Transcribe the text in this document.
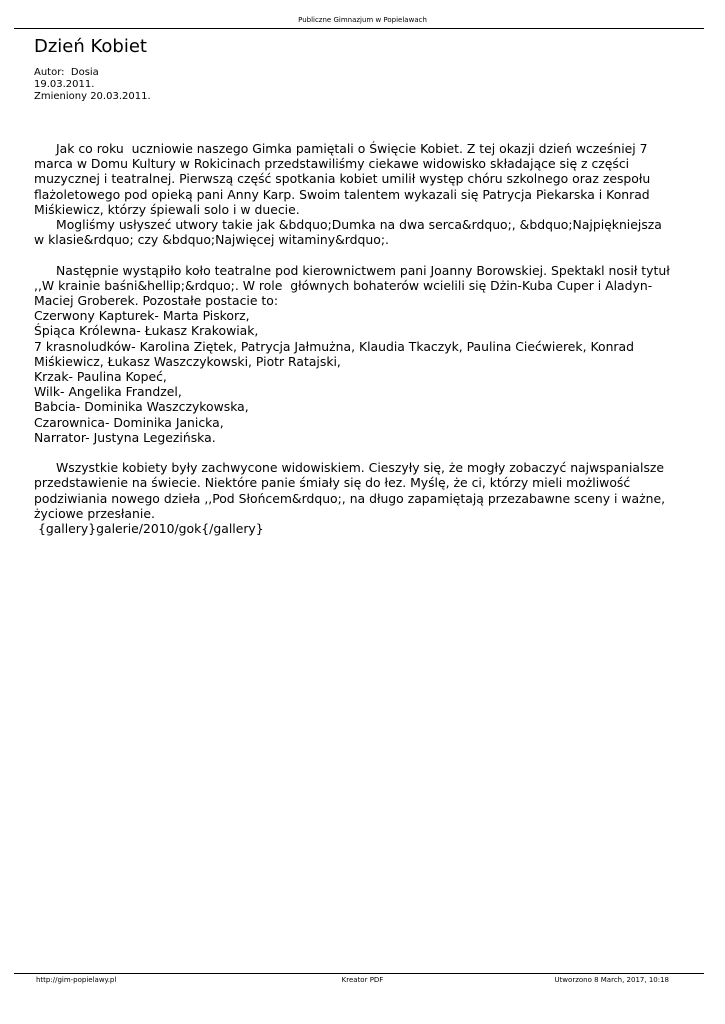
Publiczne Gimnazjum w Popielawach
Dzień Kobiet
Autor:  Dosia
19.03.2011.
Zmieniony 20.03.2011.

Jak co roku  uczniowie naszego Gimka pamiętali o Święcie Kobiet. Z tej okazji dzień wcześniej 7 marca w Domu Kultury w Rokicinach przedstawiliśmy ciekawe widowisko składające się z części muzycznej i teatralnej. Pierwszą część spotkania kobiet umilił występ chóru szkolnego oraz zespołu flażoletowego pod opieką pani Anny Karp. Swoim talentem wykazali się Patrycja Piekarska i Konrad Miśkiewicz, którzy śpiewali solo i w duecie.

Mogliśmy usłyszeć utwory takie jak &bdquo;Dumka na dwa serca&rdquo;, &bdquo;Najpiękniejsza w klasie&rdquo; czy &bdquo;Najwięcej witaminy&rdquo;.

Następnie wystąpiło koło teatralne pod kierownictwem pani Joanny Borowskiej. Spektakl nosił tytuł ,,W krainie baśni&hellip;&rdquo;. W role  głównych bohaterów wcielili się Dżin-Kuba Cuper i Aladyn- Maciej Groberek. Pozostałe postacie to:

Czerwony Kapturek- Marta Piskorz,

Śpiąca Królewna- Łukasz Krakowiak,

7 krasnoludków- Karolina Ziętek, Patrycja Jałmużna, Klaudia Tkaczyk, Paulina Ciećwierek, Konrad Miśkiewicz, Łukasz Waszczykowski, Piotr Ratajski,

Krzak- Paulina Kopeć,

Wilk- Angelika Frandzel,

Babcia- Dominika Waszczykowska,

Czarownica- Dominika Janicka,

Narrator- Justyna Legezińska.

Wszystkie kobiety były zachwycone widowiskiem. Cieszyły się, że mogły zobaczyć najwspanialsze przedstawienie na świecie. Niektóre panie śmiały się do łez. Myślę, że ci, którzy mieli możliwość podziwiania nowego dzieła ,,Pod Słońcem&rdquo;, na długo zapamiętają przezabawne sceny i ważne, życiowe przesłanie.

{gallery}galerie/2010/gok{/gallery}

http://gim-popielawy.pl	Kreator PDF	Utworzono 8 March, 2017, 10:18
